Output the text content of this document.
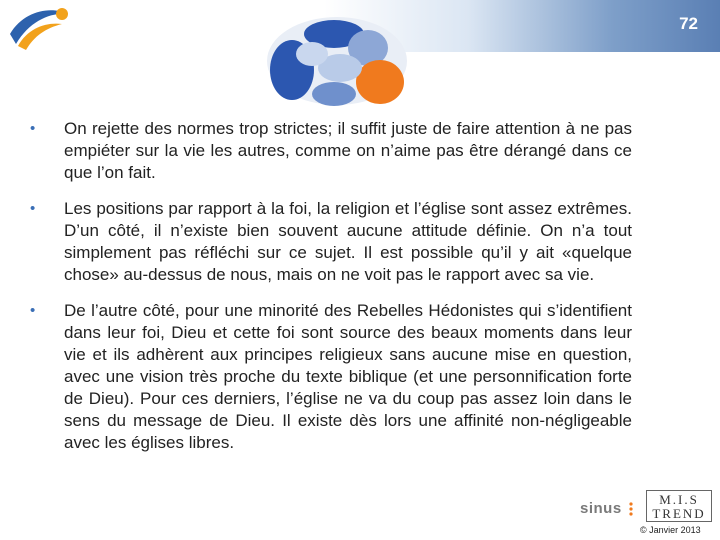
72
• On rejette des normes trop strictes; il suffit juste de faire attention à ne pas empiéter sur la vie les autres, comme on n’aime pas être dérangé dans ce que l’on fait.
• Les positions par rapport à la foi, la religion et l’église sont assez extrêmes. D’un côté, il n’existe bien souvent aucune attitude définie. On n’a tout simplement pas réfléchi sur ce sujet. Il est possible qu’il y ait «quelque chose» au-dessus de nous, mais on ne voit pas le rapport avec sa vie.
• De l’autre côté, pour une minorité des Rebelles Hédonistes qui s’identifient dans leur foi, Dieu et cette foi sont source des beaux moments dans leur vie et ils adhèrent aux principes religieux sans aucune mise en question, avec une vision très proche du texte biblique (et une personnification forte de Dieu). Pour ces derniers, l’église ne va du coup pas assez loin dans le sens du message de Dieu. Il existe dès lors une affinité non-négligeable avec les églises libres.
sinus
M.I.S
TREND
© Janvier 2013
